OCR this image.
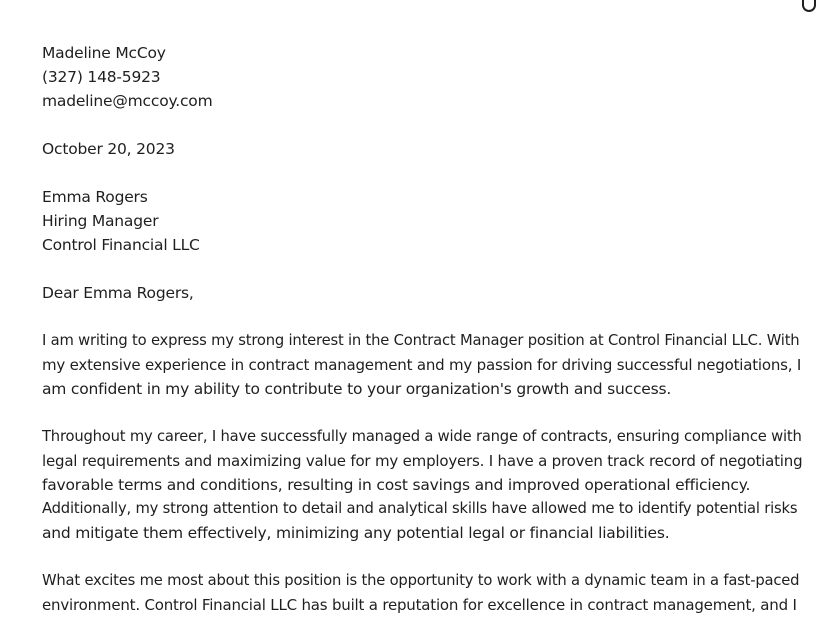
Madeline McCoy
(327) 148-5923
madeline@mccoy.com
October 20, 2023
Emma Rogers
Hiring Manager
Control Financial LLC
Dear Emma Rogers,
I am writing to express my strong interest in the Contract Manager position at Control Financial LLC. With
my extensive experience in contract management and my passion for driving successful negotiations, I
am confident in my ability to contribute to your organization's growth and success.
Throughout my career, I have successfully managed a wide range of contracts, ensuring compliance with
legal requirements and maximizing value for my employers. I have a proven track record of negotiating
favorable terms and conditions, resulting in cost savings and improved operational efficiency.
Additionally, my strong attention to detail and analytical skills have allowed me to identify potential risks
and mitigate them effectively, minimizing any potential legal or financial liabilities.
What excites me most about this position is the opportunity to work with a dynamic team in a fast-paced
environment. Control Financial LLC has built a reputation for excellence in contract management, and I
